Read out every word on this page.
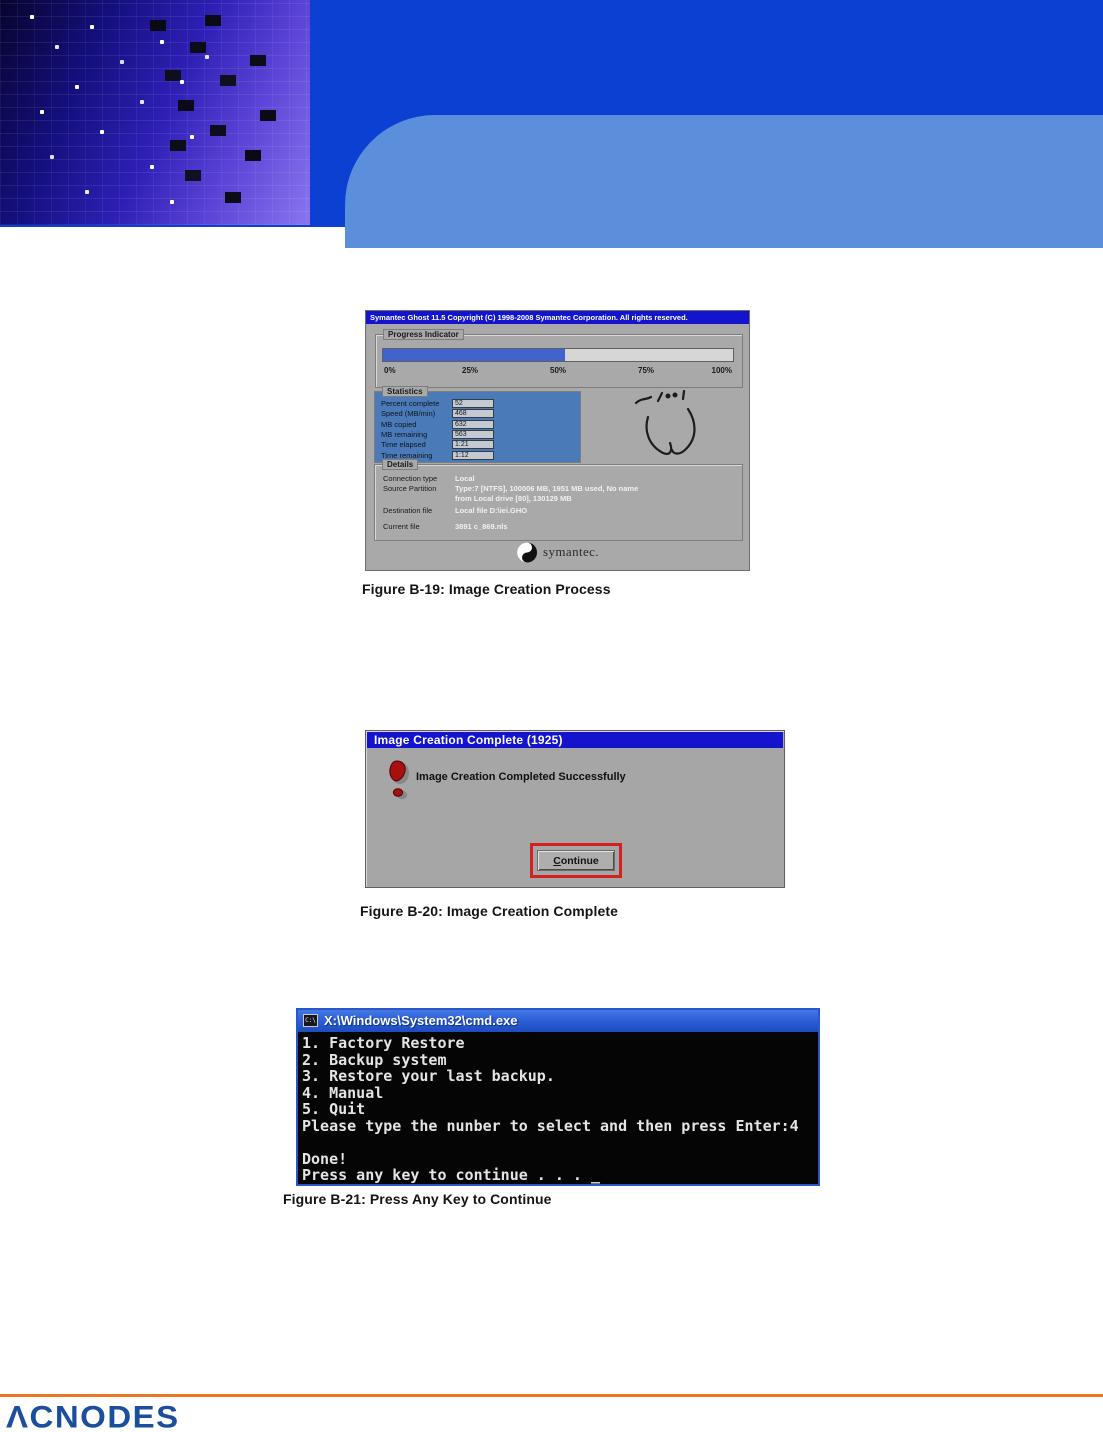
Symantec Ghost 11.5 Copyright (C) 1998-2008 Symantec Corporation. All rights reserved.
Progress Indicator
0%	25%	50%	75%	100%
Statistics
Percent complete	52
Speed (MB/min)	468
MB copied	632
MB remaining	563
Time elapsed	1:21
Time remaining	1:12
Details
Connection type Local
Source Partition Type:7 [NTFS], 100006 MB, 1951 MB used, No name
from Local drive [80], 130129 MB
Destination file	Local file D:\iei.GHO
Current file	3891 c_869.nls
symantec.
Figure B-19: Image Creation Process
Image Creation Complete (1925)
Image Creation Completed Successfully
Continue
Figure B-20: Image Creation Complete
C:\ X:\Windows\System32\cmd.exe
1. Factory Restore
2. Backup system
3. Restore your last backup.
4. Manual
5. Quit
Please type the nunber to select and then press Enter:4
Done!
Press any key to continue . . . _
Figure B-21: Press Any Key to Continue
ΛCNODES
